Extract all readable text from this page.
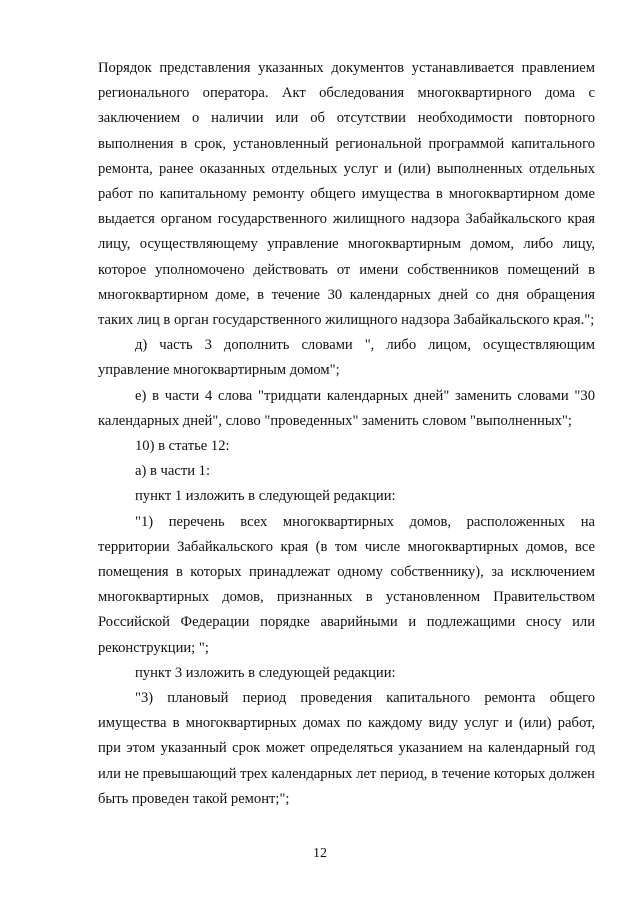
Порядок представления указанных документов устанавливается правлением регионального оператора. Акт обследования многоквартирного дома с заключением о наличии или об отсутствии необходимости повторного выполнения в срок, установленный региональной программой капитального ремонта, ранее оказанных отдельных услуг и (или) выполненных отдельных работ по капитальному ремонту общего имущества в многоквартирном доме выдается органом государственного жилищного надзора Забайкальского края лицу, осуществляющему управление многоквартирным домом, либо лицу, которое уполномочено действовать от имени собственников помещений в многоквартирном доме, в течение 30 календарных дней со дня обращения таких лиц в орган государственного жилищного надзора Забайкальского края.";

д) часть 3 дополнить словами ", либо лицом, осуществляющим управление многоквартирным домом";

е) в части 4 слова "тридцати календарных дней" заменить словами "30 календарных дней", слово "проведенных" заменить словом "выполненных";

10) в статье 12:

а) в части 1:

пункт 1 изложить в следующей редакции:

"1) перечень всех многоквартирных домов, расположенных на территории Забайкальского края (в том числе многоквартирных домов, все помещения в которых принадлежат одному собственнику), за исключением многоквартирных домов, признанных в установленном Правительством Российской Федерации порядке аварийными и подлежащими сносу или реконструкции; ";

пункт 3 изложить в следующей редакции:

"3) плановый период проведения капитального ремонта общего имущества в многоквартирных домах по каждому виду услуг и (или) работ, при этом указанный срок может определяться указанием на календарный год или не превышающий трех календарных лет период, в течение которых должен быть проведен такой ремонт;";

12
